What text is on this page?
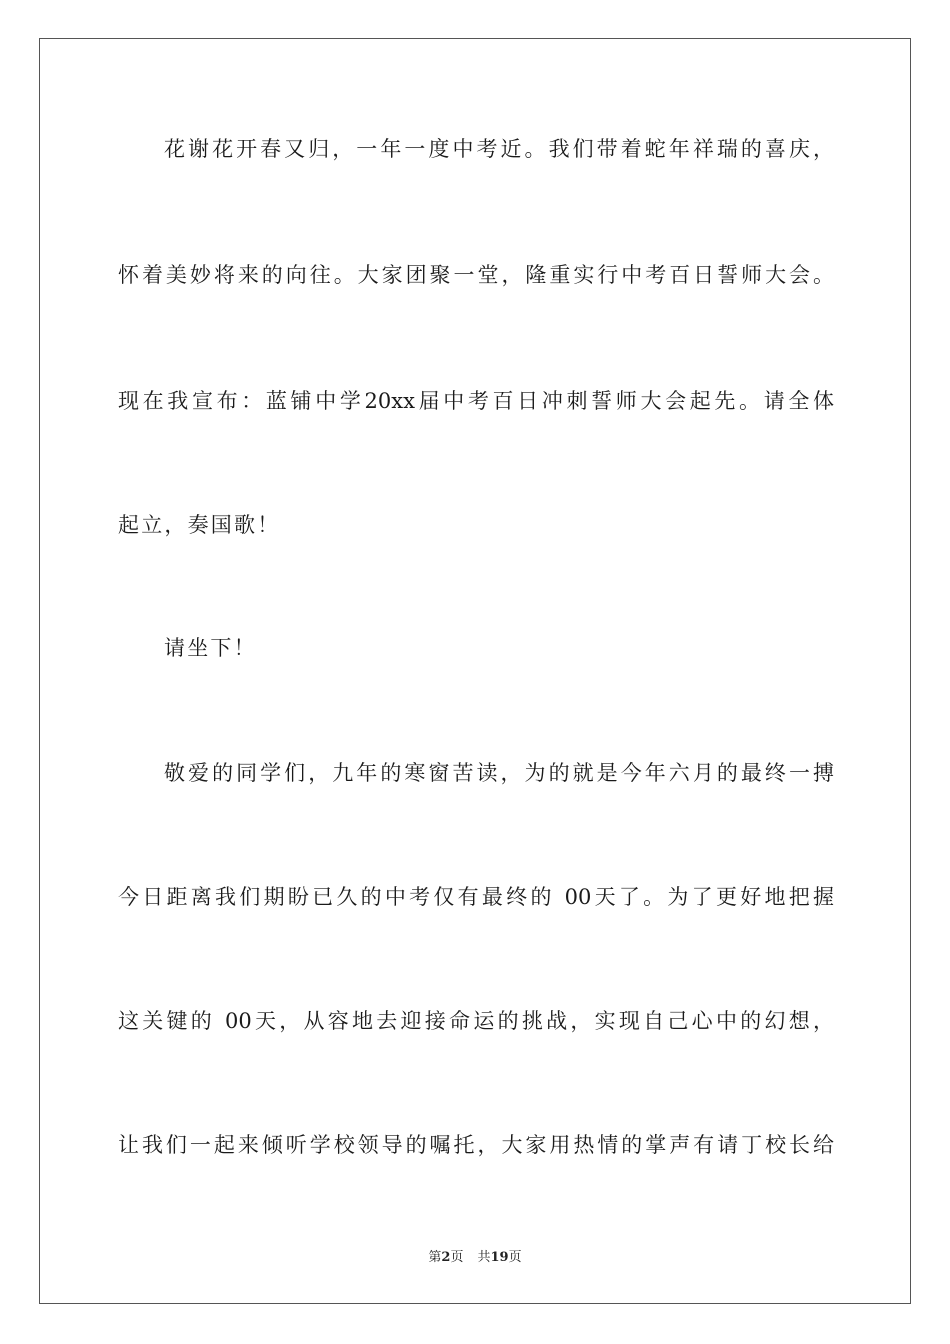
花谢花开春又归，一年一度中考近。我们带着蛇年祥瑞的喜庆，
怀着美妙将来的向往。大家团聚一堂，隆重实行中考百日誓师大会。
现在我宣布：蓝铺中学20xx届中考百日冲刺誓师大会起先。请全体
起立，奏国歌！
请坐下！
敬爱的同学们，九年的寒窗苦读，为的就是今年六月的最终一搏
今日距离我们期盼已久的中考仅有最终的 00天了。为了更好地把握
这关键的 00天，从容地去迎接命运的挑战，实现自己心中的幻想，
让我们一起来倾听学校领导的嘱托，大家用热情的掌声有请丁校长给
第2页 共19页
